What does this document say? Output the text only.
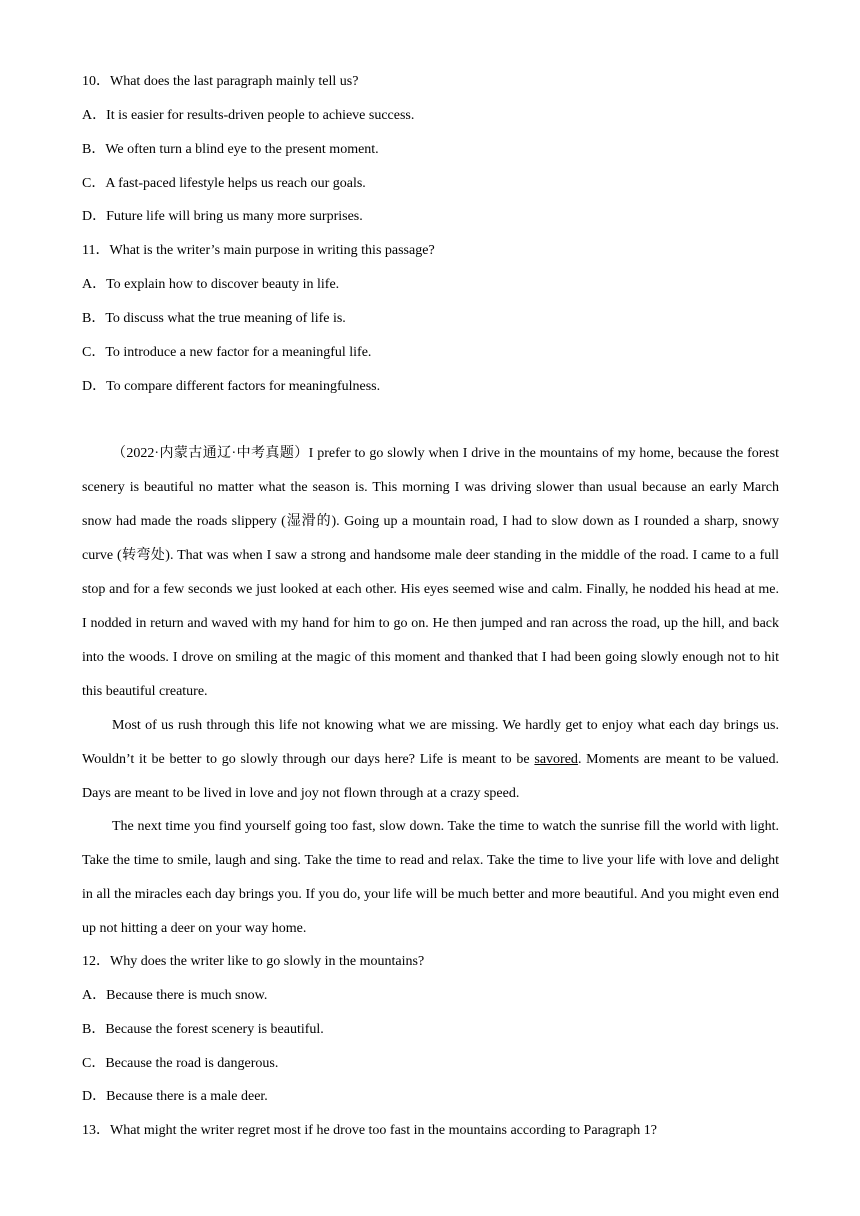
10．What does the last paragraph mainly tell us?
A．It is easier for results-driven people to achieve success.
B．We often turn a blind eye to the present moment.
C．A fast-paced lifestyle helps us reach our goals.
D．Future life will bring us many more surprises.
11．What is the writer’s main purpose in writing this passage?
A．To explain how to discover beauty in life.
B．To discuss what the true meaning of life is.
C．To introduce a new factor for a meaningful life.
D．To compare different factors for meaningfulness.
（2022·内蒙古通辽·中考真题）I prefer to go slowly when I drive in the mountains of my home, because the forest scenery is beautiful no matter what the season is. This morning I was driving slower than usual because an early March snow had made the roads slippery (湿滑的). Going up a mountain road, I had to slow down as I rounded a sharp, snowy curve (转弯处). That was when I saw a strong and handsome male deer standing in the middle of the road. I came to a full stop and for a few seconds we just looked at each other. His eyes seemed wise and calm. Finally, he nodded his head at me. I nodded in return and waved with my hand for him to go on. He then jumped and ran across the road, up the hill, and back into the woods. I drove on smiling at the magic of this moment and thanked that I had been going slowly enough not to hit this beautiful creature.
Most of us rush through this life not knowing what we are missing. We hardly get to enjoy what each day brings us. Wouldn’t it be better to go slowly through our days here? Life is meant to be savored. Moments are meant to be valued. Days are meant to be lived in love and joy not flown through at a crazy speed.
The next time you find yourself going too fast, slow down. Take the time to watch the sunrise fill the world with light. Take the time to smile, laugh and sing. Take the time to read and relax. Take the time to live your life with love and delight in all the miracles each day brings you. If you do, your life will be much better and more beautiful. And you might even end up not hitting a deer on your way home.
12．Why does the writer like to go slowly in the mountains?
A．Because there is much snow.
B．Because the forest scenery is beautiful.
C．Because the road is dangerous.
D．Because there is a male deer.
13．What might the writer regret most if he drove too fast in the mountains according to Paragraph 1?
